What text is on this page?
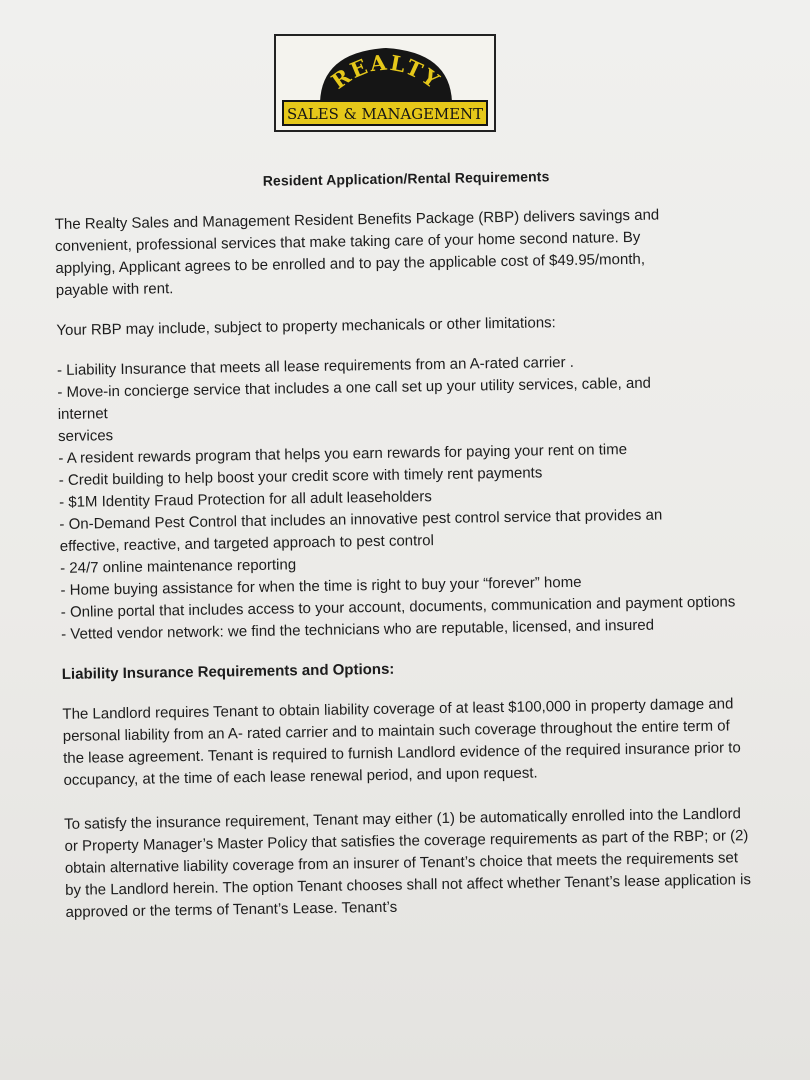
REALTY
SALES & MANAGEMENT
Resident Application/Rental Requirements

The Realty Sales and Management Resident Benefits Package (RBP) delivers savings and convenient, professional services that make taking care of your home second nature. By applying, Applicant agrees to be enrolled and to pay the applicable cost of $49.95/month, payable with rent.

Your RBP may include, subject to property mechanicals or other limitations:

- Liability Insurance that meets all lease requirements from an A-rated carrier .
- Move-in concierge service that includes a one call set up your utility services, cable, and internet
services
- A resident rewards program that helps you earn rewards for paying your rent on time
- Credit building to help boost your credit score with timely rent payments
- $1M Identity Fraud Protection for all adult leaseholders
- On-Demand Pest Control that includes an innovative pest control service that provides an effective, reactive, and targeted approach to pest control
- 24/7 online maintenance reporting
- Home buying assistance for when the time is right to buy your “forever” home
- Online portal that includes access to your account, documents, communication and payment options
- Vetted vendor network: we find the technicians who are reputable, licensed, and insured
Liability Insurance Requirements and Options:

The Landlord requires Tenant to obtain liability coverage of at least $100,000 in property damage and personal liability from an A- rated carrier and to maintain such coverage throughout the entire term of the lease agreement. Tenant is required to furnish Landlord evidence of the required insurance prior to occupancy, at the time of each lease renewal period, and upon request.

To satisfy the insurance requirement, Tenant may either (1) be automatically enrolled into the Landlord or Property Manager’s Master Policy that satisfies the coverage requirements as part of the RBP; or (2) obtain alternative liability coverage from an insurer of Tenant’s choice that meets the requirements set by the Landlord herein. The option Tenant chooses shall not affect whether Tenant’s lease application is approved or the terms of Tenant’s Lease. Tenant’s
